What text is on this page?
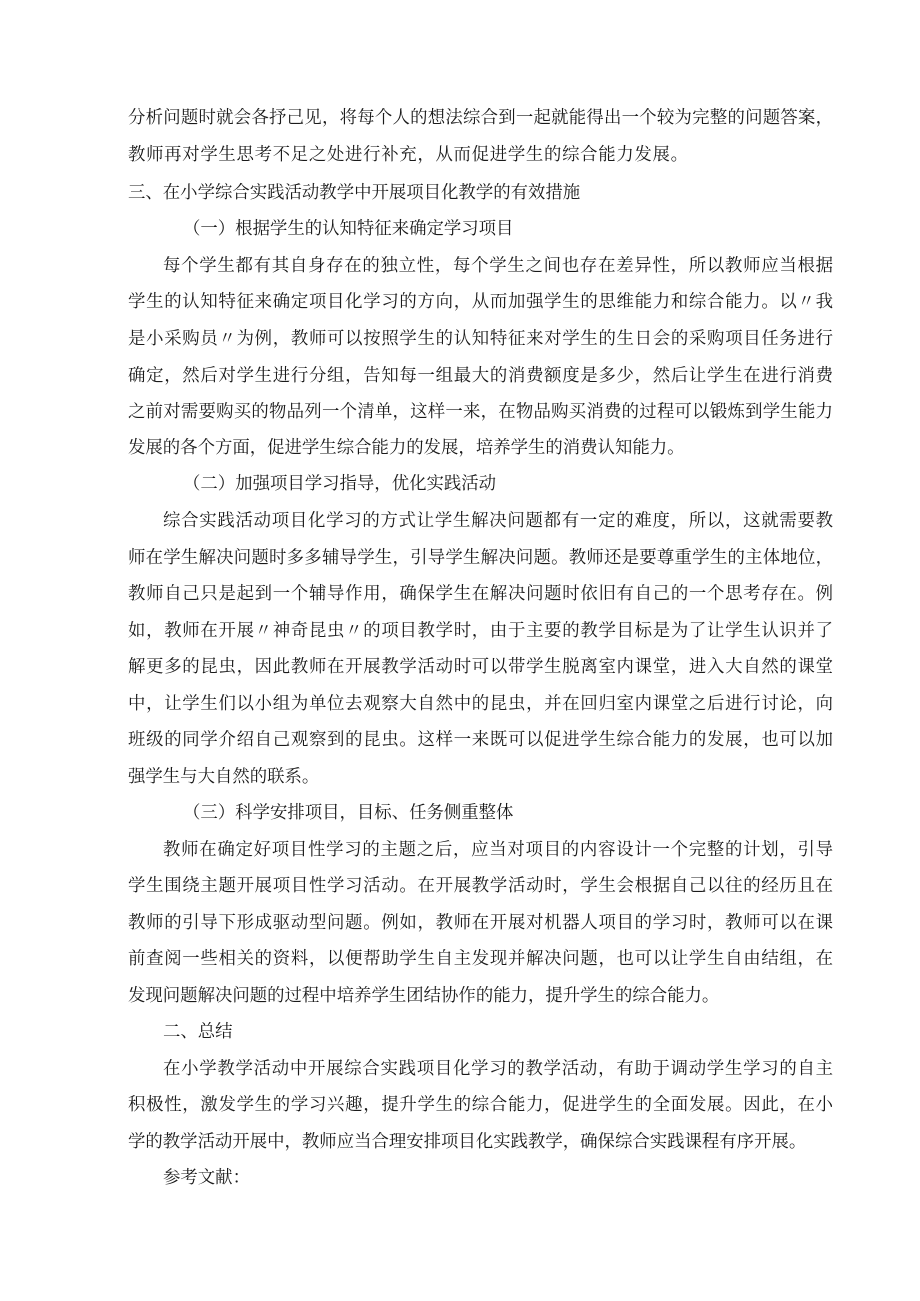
分析问题时就会各抒己见，将每个人的想法综合到一起就能得出一个较为完整的问题答案，
教师再对学生思考不足之处进行补充，从而促进学生的综合能力发展。
三、在小学综合实践活动教学中开展项目化教学的有效措施
（一）根据学生的认知特征来确定学习项目
每个学生都有其自身存在的独立性，每个学生之间也存在差异性，所以教师应当根据
学生的认知特征来确定项目化学习的方向，从而加强学生的思维能力和综合能力。以〃我
是小采购员〃为例，教师可以按照学生的认知特征来对学生的生日会的采购项目任务进行
确定，然后对学生进行分组，告知每一组最大的消费额度是多少，然后让学生在进行消费
之前对需要购买的物品列一个清单，这样一来，在物品购买消费的过程可以锻炼到学生能力
发展的各个方面，促进学生综合能力的发展，培养学生的消费认知能力。
（二）加强项目学习指导，优化实践活动
综合实践活动项目化学习的方式让学生解决问题都有一定的难度，所以，这就需要教
师在学生解决问题时多多辅导学生，引导学生解决问题。教师还是要尊重学生的主体地位，
教师自己只是起到一个辅导作用，确保学生在解决问题时依旧有自己的一个思考存在。例
如，教师在开展〃神奇昆虫〃的项目教学时，由于主要的教学目标是为了让学生认识并了
解更多的昆虫，因此教师在开展教学活动时可以带学生脱离室内课堂，进入大自然的课堂
中，让学生们以小组为单位去观察大自然中的昆虫，并在回归室内课堂之后进行讨论，向
班级的同学介绍自己观察到的昆虫。这样一来既可以促进学生综合能力的发展，也可以加
强学生与大自然的联系。
（三）科学安排项目，目标、任务侧重整体
教师在确定好项目性学习的主题之后，应当对项目的内容设计一个完整的计划，引导
学生围绕主题开展项目性学习活动。在开展教学活动时，学生会根据自己以往的经历且在
教师的引导下形成驱动型问题。例如，教师在开展对机器人项目的学习时，教师可以在课
前查阅一些相关的资料，以便帮助学生自主发现并解决问题，也可以让学生自由结组，在
发现问题解决问题的过程中培养学生团结协作的能力，提升学生的综合能力。
二、总结
在小学教学活动中开展综合实践项目化学习的教学活动，有助于调动学生学习的自主
积极性，激发学生的学习兴趣，提升学生的综合能力，促进学生的全面发展。因此，在小
学的教学活动开展中，教师应当合理安排项目化实践教学，确保综合实践课程有序开展。
参考文献：
